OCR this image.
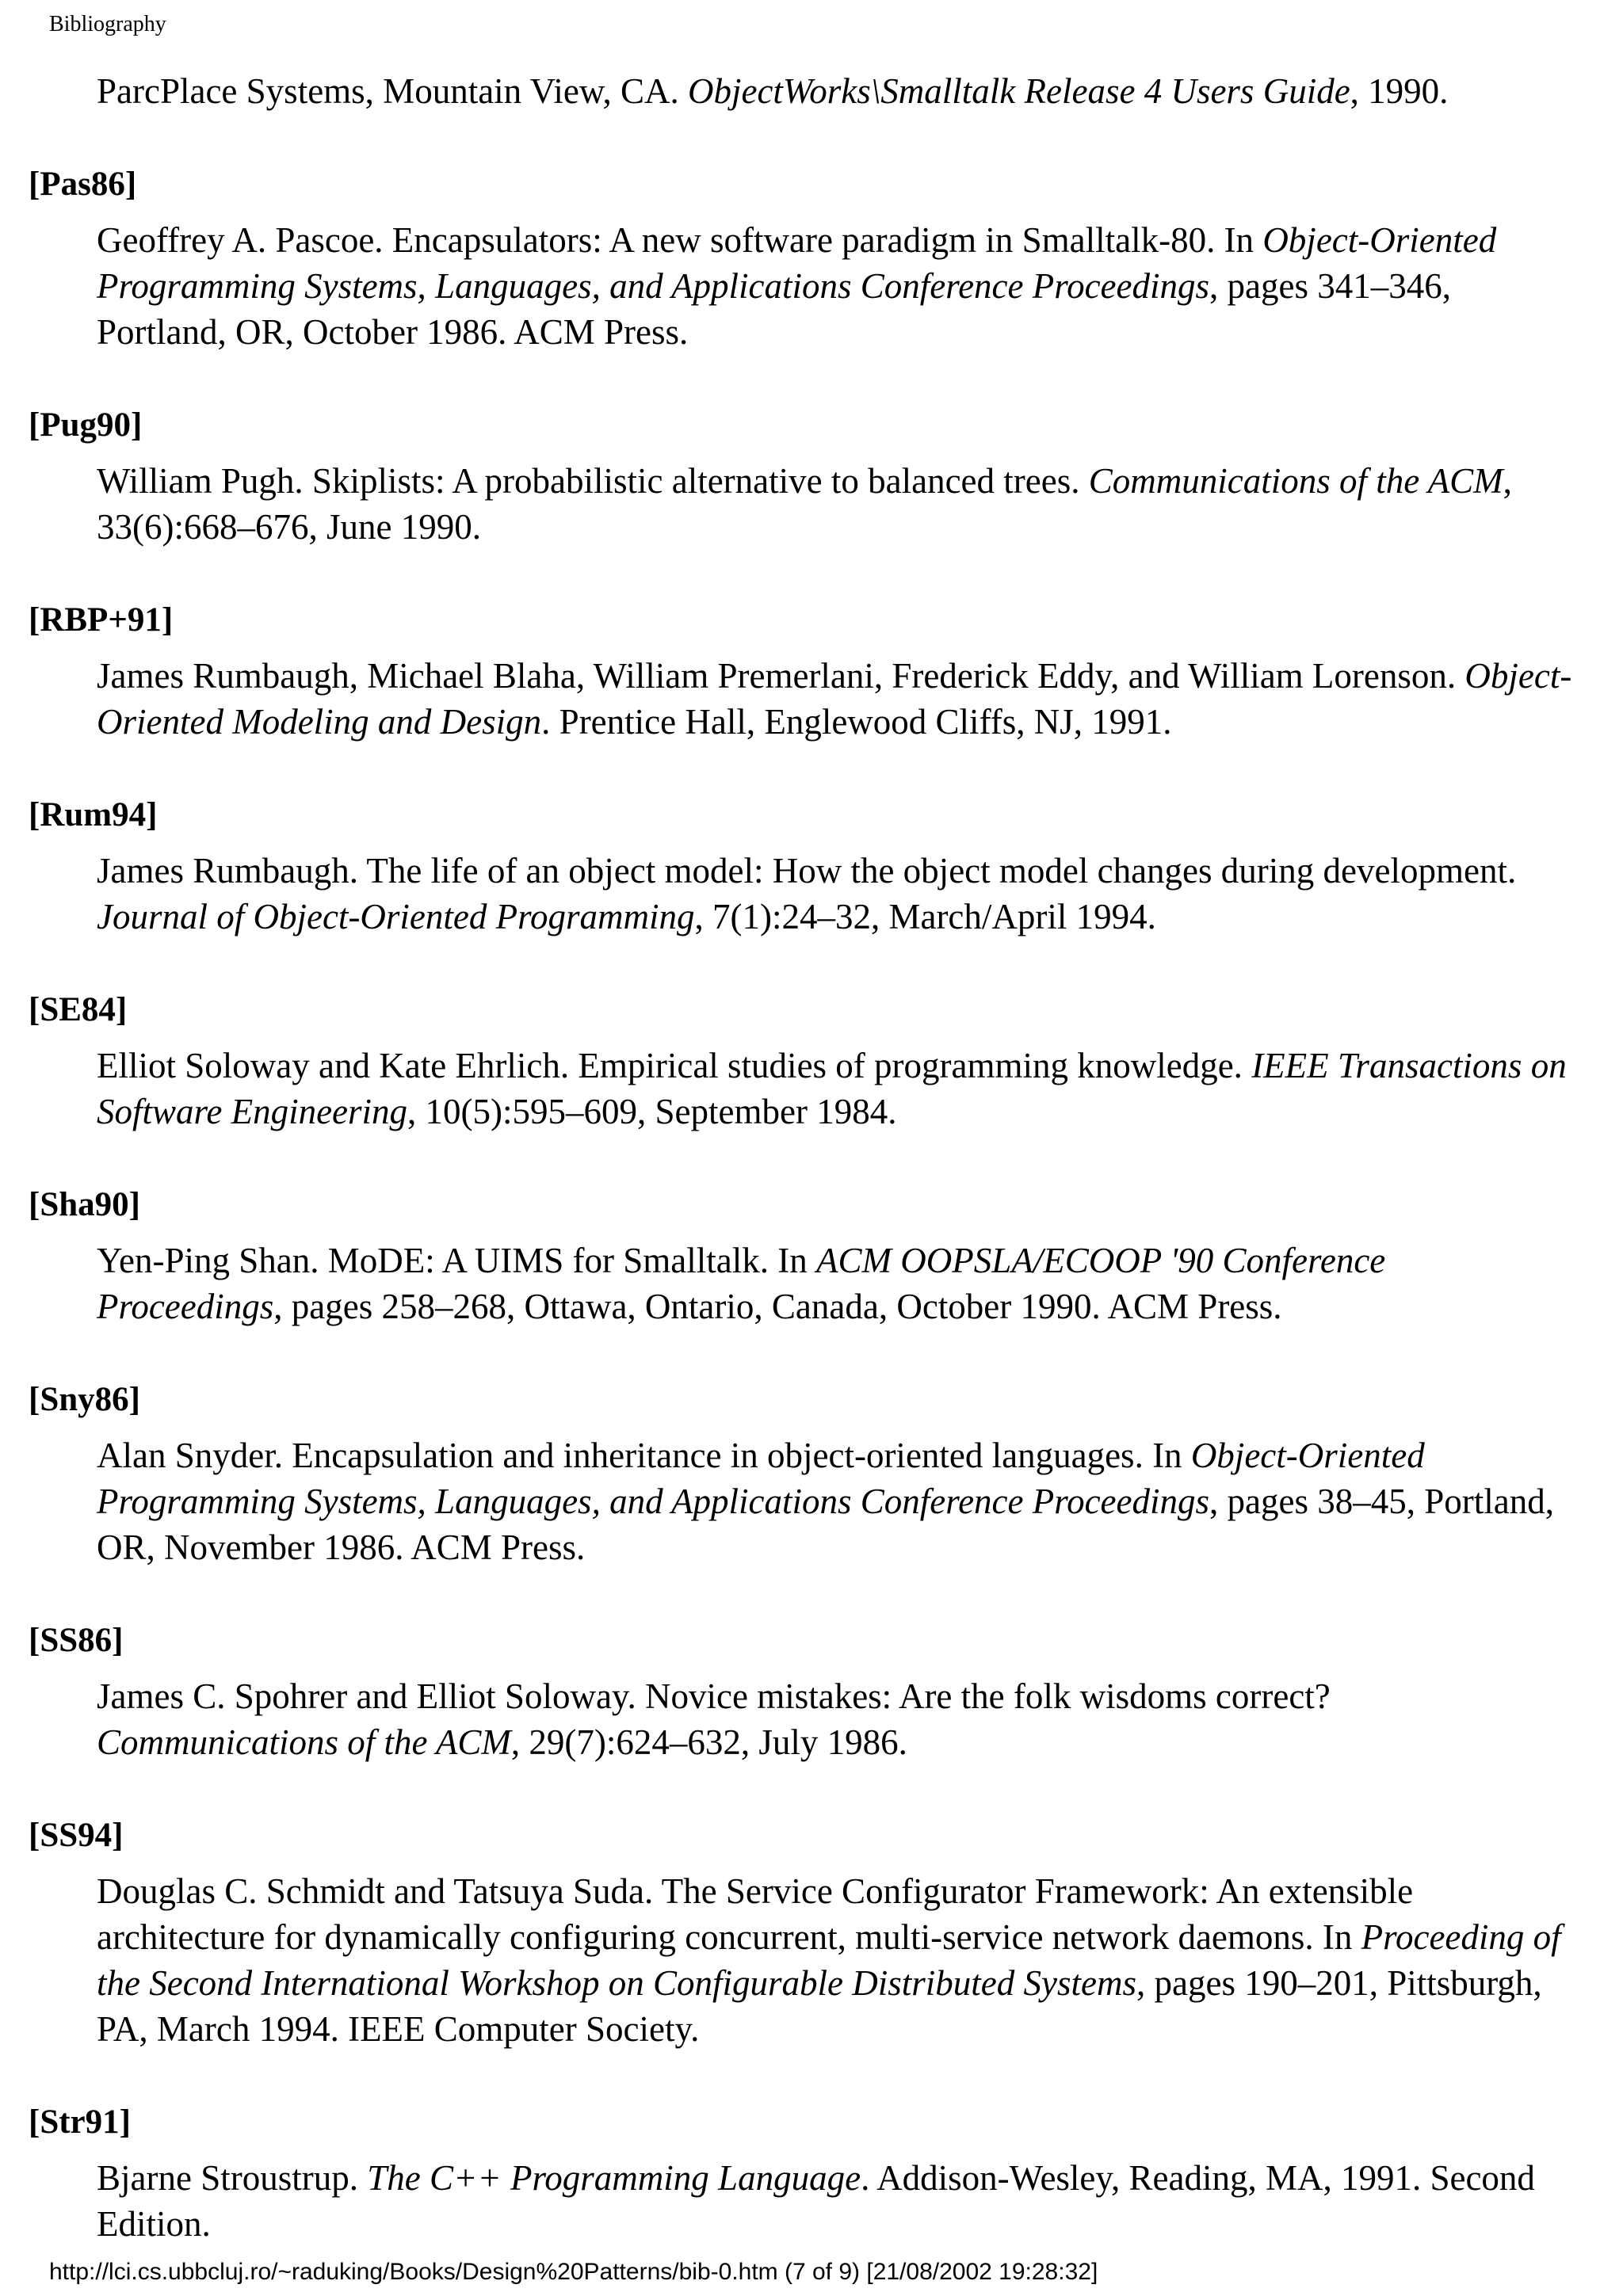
Bibliography

ParcPlace Systems, Mountain View, CA. ObjectWorks\Smalltalk Release 4 Users Guide, 1990.

[Pas86]

Geoffrey A. Pascoe. Encapsulators: A new software paradigm in Smalltalk-80. In Object-Oriented Programming Systems, Languages, and Applications Conference Proceedings, pages 341–346, Portland, OR, October 1986. ACM Press.

[Pug90]

William Pugh. Skiplists: A probabilistic alternative to balanced trees. Communications of the ACM, 33(6):668–676, June 1990.

[RBP+91]

James Rumbaugh, Michael Blaha, William Premerlani, Frederick Eddy, and William Lorenson. Object-Oriented Modeling and Design. Prentice Hall, Englewood Cliffs, NJ, 1991.

[Rum94]

James Rumbaugh. The life of an object model: How the object model changes during development. Journal of Object-Oriented Programming, 7(1):24–32, March/April 1994.

[SE84]

Elliot Soloway and Kate Ehrlich. Empirical studies of programming knowledge. IEEE Transactions on Software Engineering, 10(5):595–609, September 1984.

[Sha90]

Yen-Ping Shan. MoDE: A UIMS for Smalltalk. In ACM OOPSLA/ECOOP '90 Conference Proceedings, pages 258–268, Ottawa, Ontario, Canada, October 1990. ACM Press.

[Sny86]

Alan Snyder. Encapsulation and inheritance in object-oriented languages. In Object-Oriented Programming Systems, Languages, and Applications Conference Proceedings, pages 38–45, Portland, OR, November 1986. ACM Press.

[SS86]

James C. Spohrer and Elliot Soloway. Novice mistakes: Are the folk wisdoms correct? Communications of the ACM, 29(7):624–632, July 1986.

[SS94]

Douglas C. Schmidt and Tatsuya Suda. The Service Configurator Framework: An extensible architecture for dynamically configuring concurrent, multi-service network daemons. In Proceeding of the Second International Workshop on Configurable Distributed Systems, pages 190–201, Pittsburgh, PA, March 1994. IEEE Computer Society.

[Str91]

Bjarne Stroustrup. The C++ Programming Language. Addison-Wesley, Reading, MA, 1991. Second Edition.

http://lci.cs.ubbcluj.ro/~raduking/Books/Design%20Patterns/bib-0.htm (7 of 9) [21/08/2002 19:28:32]
